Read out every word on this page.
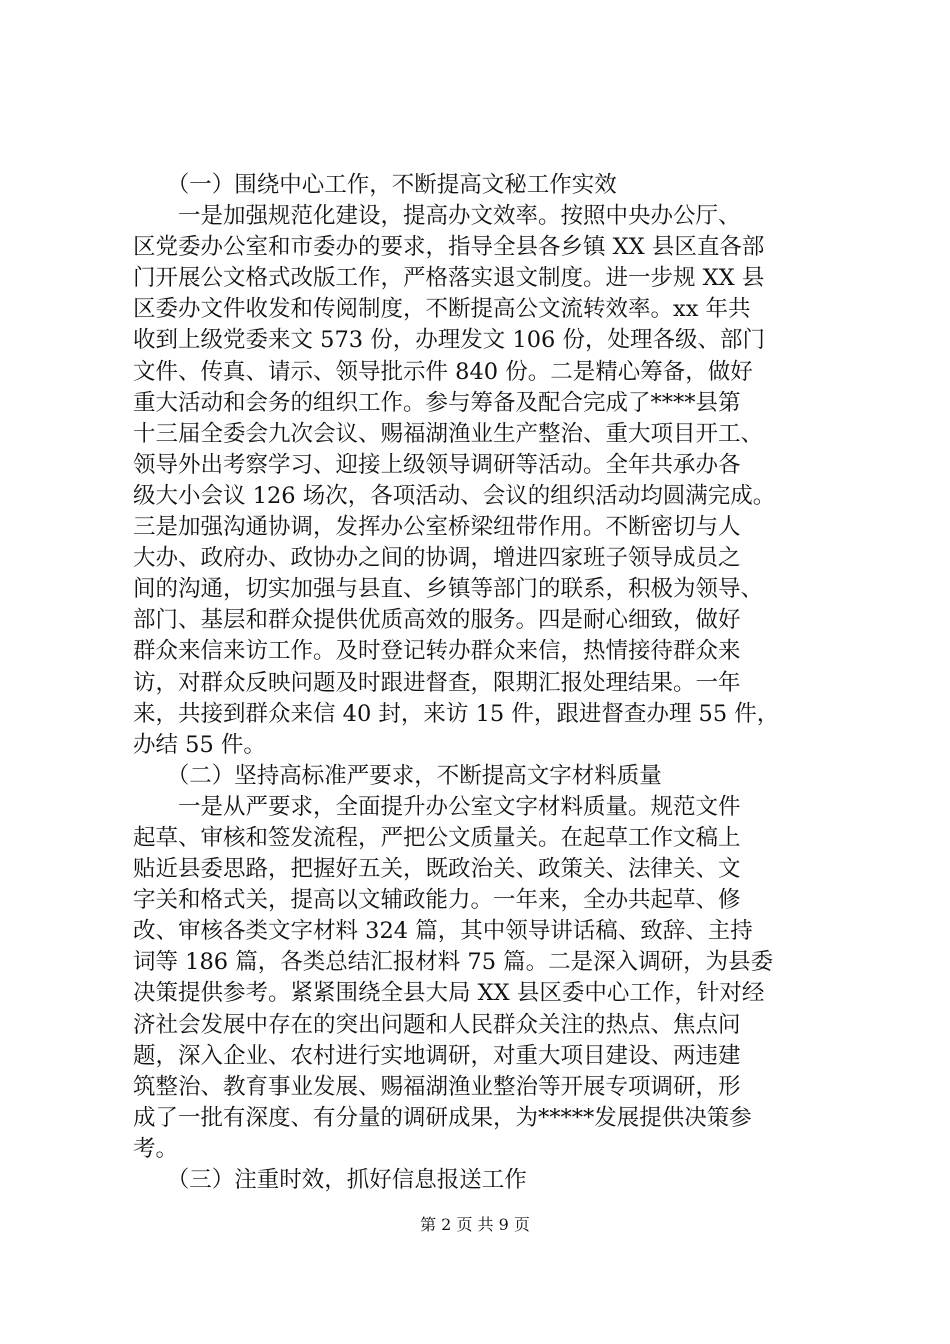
　　（一）围绕中心工作，不断提高文秘工作实效
　　一是加强规范化建设，提高办文效率。按照中央办公厅、
区党委办公室和市委办的要求，指导全县各乡镇 XX 县区直各部
门开展公文格式改版工作，严格落实退文制度。进一步规 XX 县
区委办文件收发和传阅制度，不断提高公文流转效率。xx 年共
收到上级党委来文 573 份，办理发文 106 份，处理各级、部门
文件、传真、请示、领导批示件 840 份。二是精心筹备，做好
重大活动和会务的组织工作。参与筹备及配合完成了****县第
十三届全委会九次会议、赐福湖渔业生产整治、重大项目开工、
领导外出考察学习、迎接上级领导调研等活动。全年共承办各
级大小会议 126 场次，各项活动、会议的组织活动均圆满完成。
三是加强沟通协调，发挥办公室桥梁纽带作用。不断密切与人
大办、政府办、政协办之间的协调，增进四家班子领导成员之
间的沟通，切实加强与县直、乡镇等部门的联系，积极为领导、
部门、基层和群众提供优质高效的服务。四是耐心细致，做好
群众来信来访工作。及时登记转办群众来信，热情接待群众来
访，对群众反映问题及时跟进督查，限期汇报处理结果。一年
来，共接到群众来信 40 封，来访 15 件，跟进督查办理 55 件，
办结 55 件。
　　（二）坚持高标准严要求，不断提高文字材料质量
　　一是从严要求，全面提升办公室文字材料质量。规范文件
起草、审核和签发流程，严把公文质量关。在起草工作文稿上
贴近县委思路，把握好五关，既政治关、政策关、法律关、文
字关和格式关，提高以文辅政能力。一年来，全办共起草、修
改、审核各类文字材料 324 篇，其中领导讲话稿、致辞、主持
词等 186 篇，各类总结汇报材料 75 篇。二是深入调研，为县委
决策提供参考。紧紧围绕全县大局 XX 县区委中心工作，针对经
济社会发展中存在的突出问题和人民群众关注的热点、焦点问
题，深入企业、农村进行实地调研，对重大项目建设、两违建
筑整治、教育事业发展、赐福湖渔业整治等开展专项调研，形
成了一批有深度、有分量的调研成果，为*****发展提供决策参
考。
　　（三）注重时效，抓好信息报送工作
第 2 页 共 9 页
